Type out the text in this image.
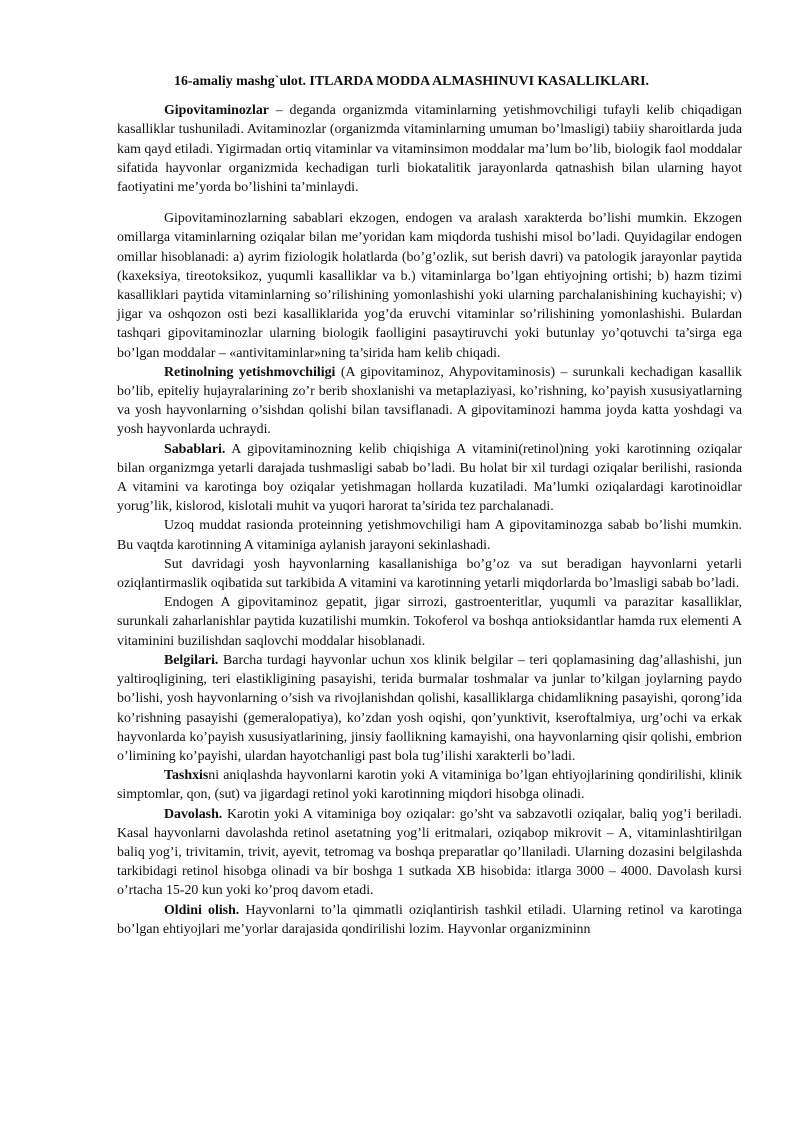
16-amaliy mashg`ulot. ITLARDA MODDA ALMASHINUVI KASALLIKLARI.

Gipovitaminozlar – deganda organizmda vitaminlarning yetishmovchiligi tufayli kelib chiqadigan kasalliklar tushuniladi. Avitaminozlar (organizmda vitaminlarning umuman bo’lmasligi) tabiiy sharoitlarda juda kam qayd etiladi. Yigirmadan ortiq vitaminlar va vitaminsimon moddalar ma’lum bo’lib, biologik faol moddalar sifatida hayvonlar organizmida kechadigan turli biokatalitik jarayonlarda qatnashish bilan ularning hayot faotiyatini me’yorda bo’lishini ta’minlaydi.

Gipovitaminozlarning sabablari ekzogen, endogen va aralash xarakterda bo’lishi mumkin. Ekzogen omillarga vitaminlarning oziqalar bilan me’yoridan kam miqdorda tushishi misol bo’ladi. Quyidagilar endogen omillar hisoblanadi: a) ayrim fiziologik holatlarda (bo’g’ozlik, sut berish davri) va patologik jarayonlar paytida (kaxeksiya, tireotoksikoz, yuqumli kasalliklar va b.) vitaminlarga bo’lgan ehtiyojning ortishi; b) hazm tizimi kasalliklari paytida vitaminlarning so’rilishining yomonlashishi yoki ularning parchalanishining kuchayishi; v) jigar va oshqozon osti bezi kasalliklarida yog’da eruvchi vitaminlar so’rilishining yomonlashishi. Bulardan tashqari gipovitaminozlar ularning biologik faolligini pasaytiruvchi yoki butunlay yo’qotuvchi ta’sirga ega bo’lgan moddalar – «antivitaminlar»ning ta’sirida ham kelib chiqadi.

Retinolning yetishmovchiligi (A gipovitaminoz, Ahypovitaminosis) – surunkali kechadigan kasallik bo’lib, epiteliy hujayralarining zo’r berib shoxlanishi va metaplaziyasi, ko’rishning, ko’payish xususiyatlarning va yosh hayvonlarning o’sishdan qolishi bilan tavsiflanadi. A gipovitaminozi hamma joyda katta yoshdagi va yosh hayvonlarda uchraydi.

Sabablari. A gipovitaminozning kelib chiqishiga A vitamini(retinol)ning yoki karotinning oziqalar bilan organizmga yetarli darajada tushmasligi sabab bo’ladi. Bu holat bir xil turdagi oziqalar berilishi, rasionda A vitamini va karotinga boy oziqalar yetishmagan hollarda kuzatiladi. Ma’lumki oziqalardagi karotinoidlar yorug’lik, kislorod, kislotali muhit va yuqori harorat ta’sirida tez parchalanadi.

Uzoq muddat rasionda proteinning yetishmovchiligi ham A gipovitaminozga sabab bo’lishi mumkin. Bu vaqtda karotinning A vitaminiga aylanish jarayoni sekinlashadi.

Sut davridagi yosh hayvonlarning kasallanishiga bo’g’oz va sut beradigan hayvonlarni yetarli oziqlantirmaslik oqibatida sut tarkibida A vitamini va karotinning yetarli miqdorlarda bo’lmasligi sabab bo’ladi.

Endogen A gipovitaminoz gepatit, jigar sirrozi, gastroenteritlar, yuqumli va parazitar kasalliklar, surunkali zaharlanishlar paytida kuzatilishi mumkin. Tokoferol va boshqa antioksidantlar hamda rux elementi A vitaminini buzilishdan saqlovchi moddalar hisoblanadi.

Belgilari. Barcha turdagi hayvonlar uchun xos klinik belgilar – teri qoplamasining dag’allashishi, jun yaltiroqligining, teri elastikligining pasayishi, terida burmalar toshmalar va junlar to’kilgan joylarning paydo bo’lishi, yosh hayvonlarning o’sish va rivojlanishdan qolishi, kasalliklarga chidamlikning pasayishi, qorong’ida ko’rishning pasayishi (gemeralopatiya), ko’zdan yosh oqishi, qon’yunktivit, kseroftalmiya, urg’ochi va erkak hayvonlarda ko’payish xususiyatlarining, jinsiy faollikning kamayishi, ona hayvonlarning qisir qolishi, embrion o’limining ko’payishi, ulardan hayotchanligi past bola tug’ilishi xarakterli bo’ladi.

Tashxisni aniqlashda hayvonlarni karotin yoki A vitaminiga bo’lgan ehtiyojlarining qondirilishi, klinik simptomlar, qon, (sut) va jigardagi retinol yoki karotinning miqdori hisobga olinadi.

Davolash. Karotin yoki A vitaminiga boy oziqalar: go’sht va sabzavotli oziqalar, baliq yog’i beriladi. Kasal hayvonlarni davolashda retinol asetatning yog’li eritmalari, oziqabop mikrovit – A, vitaminlashtirilgan baliq yog’i, trivitamin, trivit, ayevit, tetromag va boshqa preparatlar qo’llaniladi. Ularning dozasini belgilashda tarkibidagi retinol hisobga olinadi va bir boshga 1 sutkada XB hisobida: itlarga 3000 – 4000. Davolash kursi o’rtacha 15-20 kun yoki ko’proq davom etadi.

Oldini olish. Hayvonlarni to’la qimmatli oziqlantirish tashkil etiladi. Ularning retinol va karotinga bo’lgan ehtiyojlari me’yorlar darajasida qondirilishi lozim. Hayvonlar organizmininn
